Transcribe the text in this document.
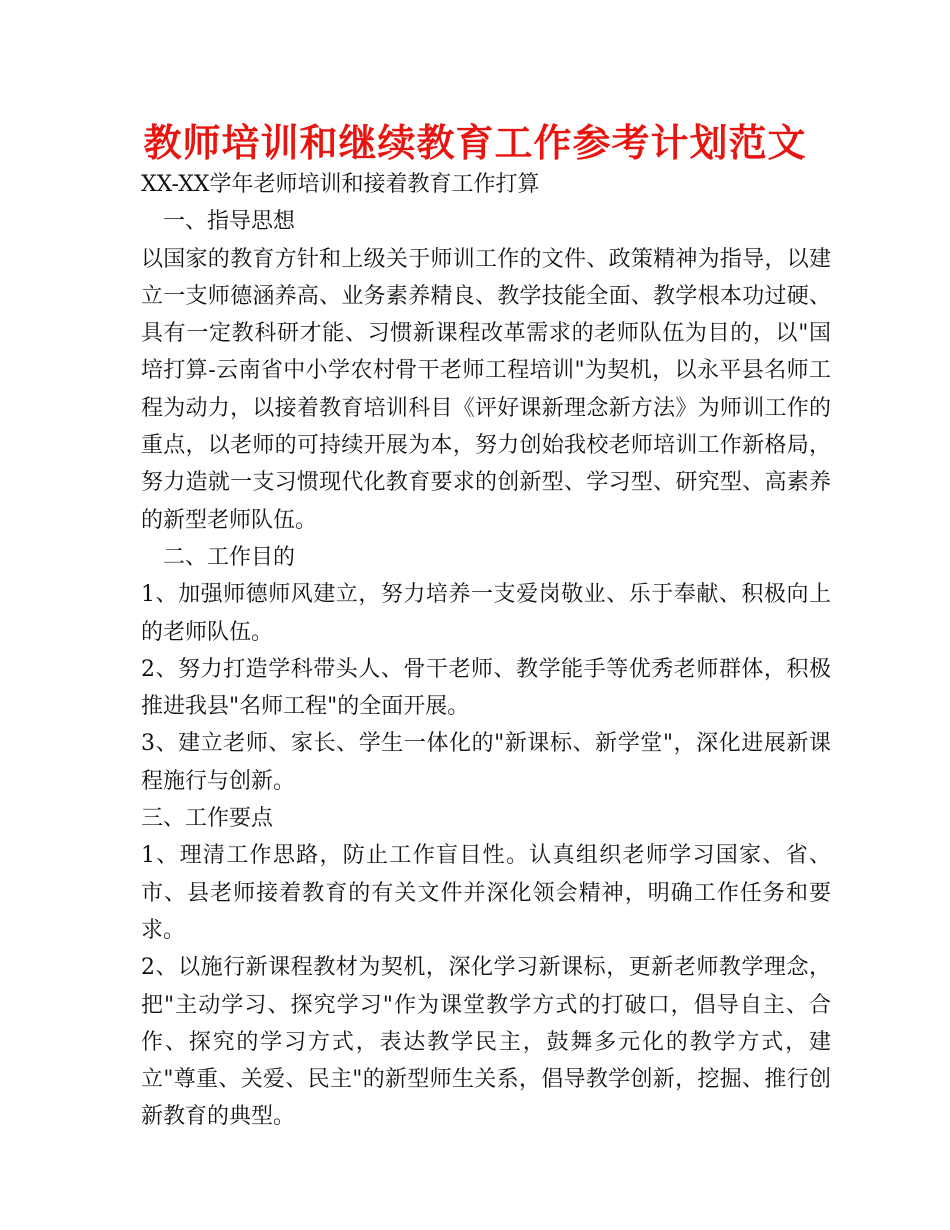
教师培训和继续教育工作参考计划范文

XX-XX学年老师培训和接着教育工作打算

一、指导思想

以国家的教育方针和上级关于师训工作的文件、政策精神为指导，以建立一支师德涵养高、业务素养精良、教学技能全面、教学根本功过硬、具有一定教科研才能、习惯新课程改革需求的老师队伍为目的，以"国培打算-云南省中小学农村骨干老师工程培训"为契机，以永平县名师工程为动力，以接着教育培训科目《评好课新理念新方法》为师训工作的重点，以老师的可持续开展为本，努力创始我校老师培训工作新格局，努力造就一支习惯现代化教育要求的创新型、学习型、研究型、高素养的新型老师队伍。

二、工作目的

1、加强师德师风建立，努力培养一支爱岗敬业、乐于奉献、积极向上的老师队伍。

2、努力打造学科带头人、骨干老师、教学能手等优秀老师群体，积极推进我县"名师工程"的全面开展。

3、建立老师、家长、学生一体化的"新课标、新学堂"，深化进展新课程施行与创新。

三、工作要点

1、理清工作思路，防止工作盲目性。认真组织老师学习国家、省、市、县老师接着教育的有关文件并深化领会精神，明确工作任务和要求。

2、以施行新课程教材为契机，深化学习新课标，更新老师教学理念，把"主动学习、探究学习"作为课堂教学方式的打破口，倡导自主、合作、探究的学习方式，表达教学民主，鼓舞多元化的教学方式，建立"尊重、关爱、民主"的新型师生关系，倡导教学创新，挖掘、推行创新教育的典型。
